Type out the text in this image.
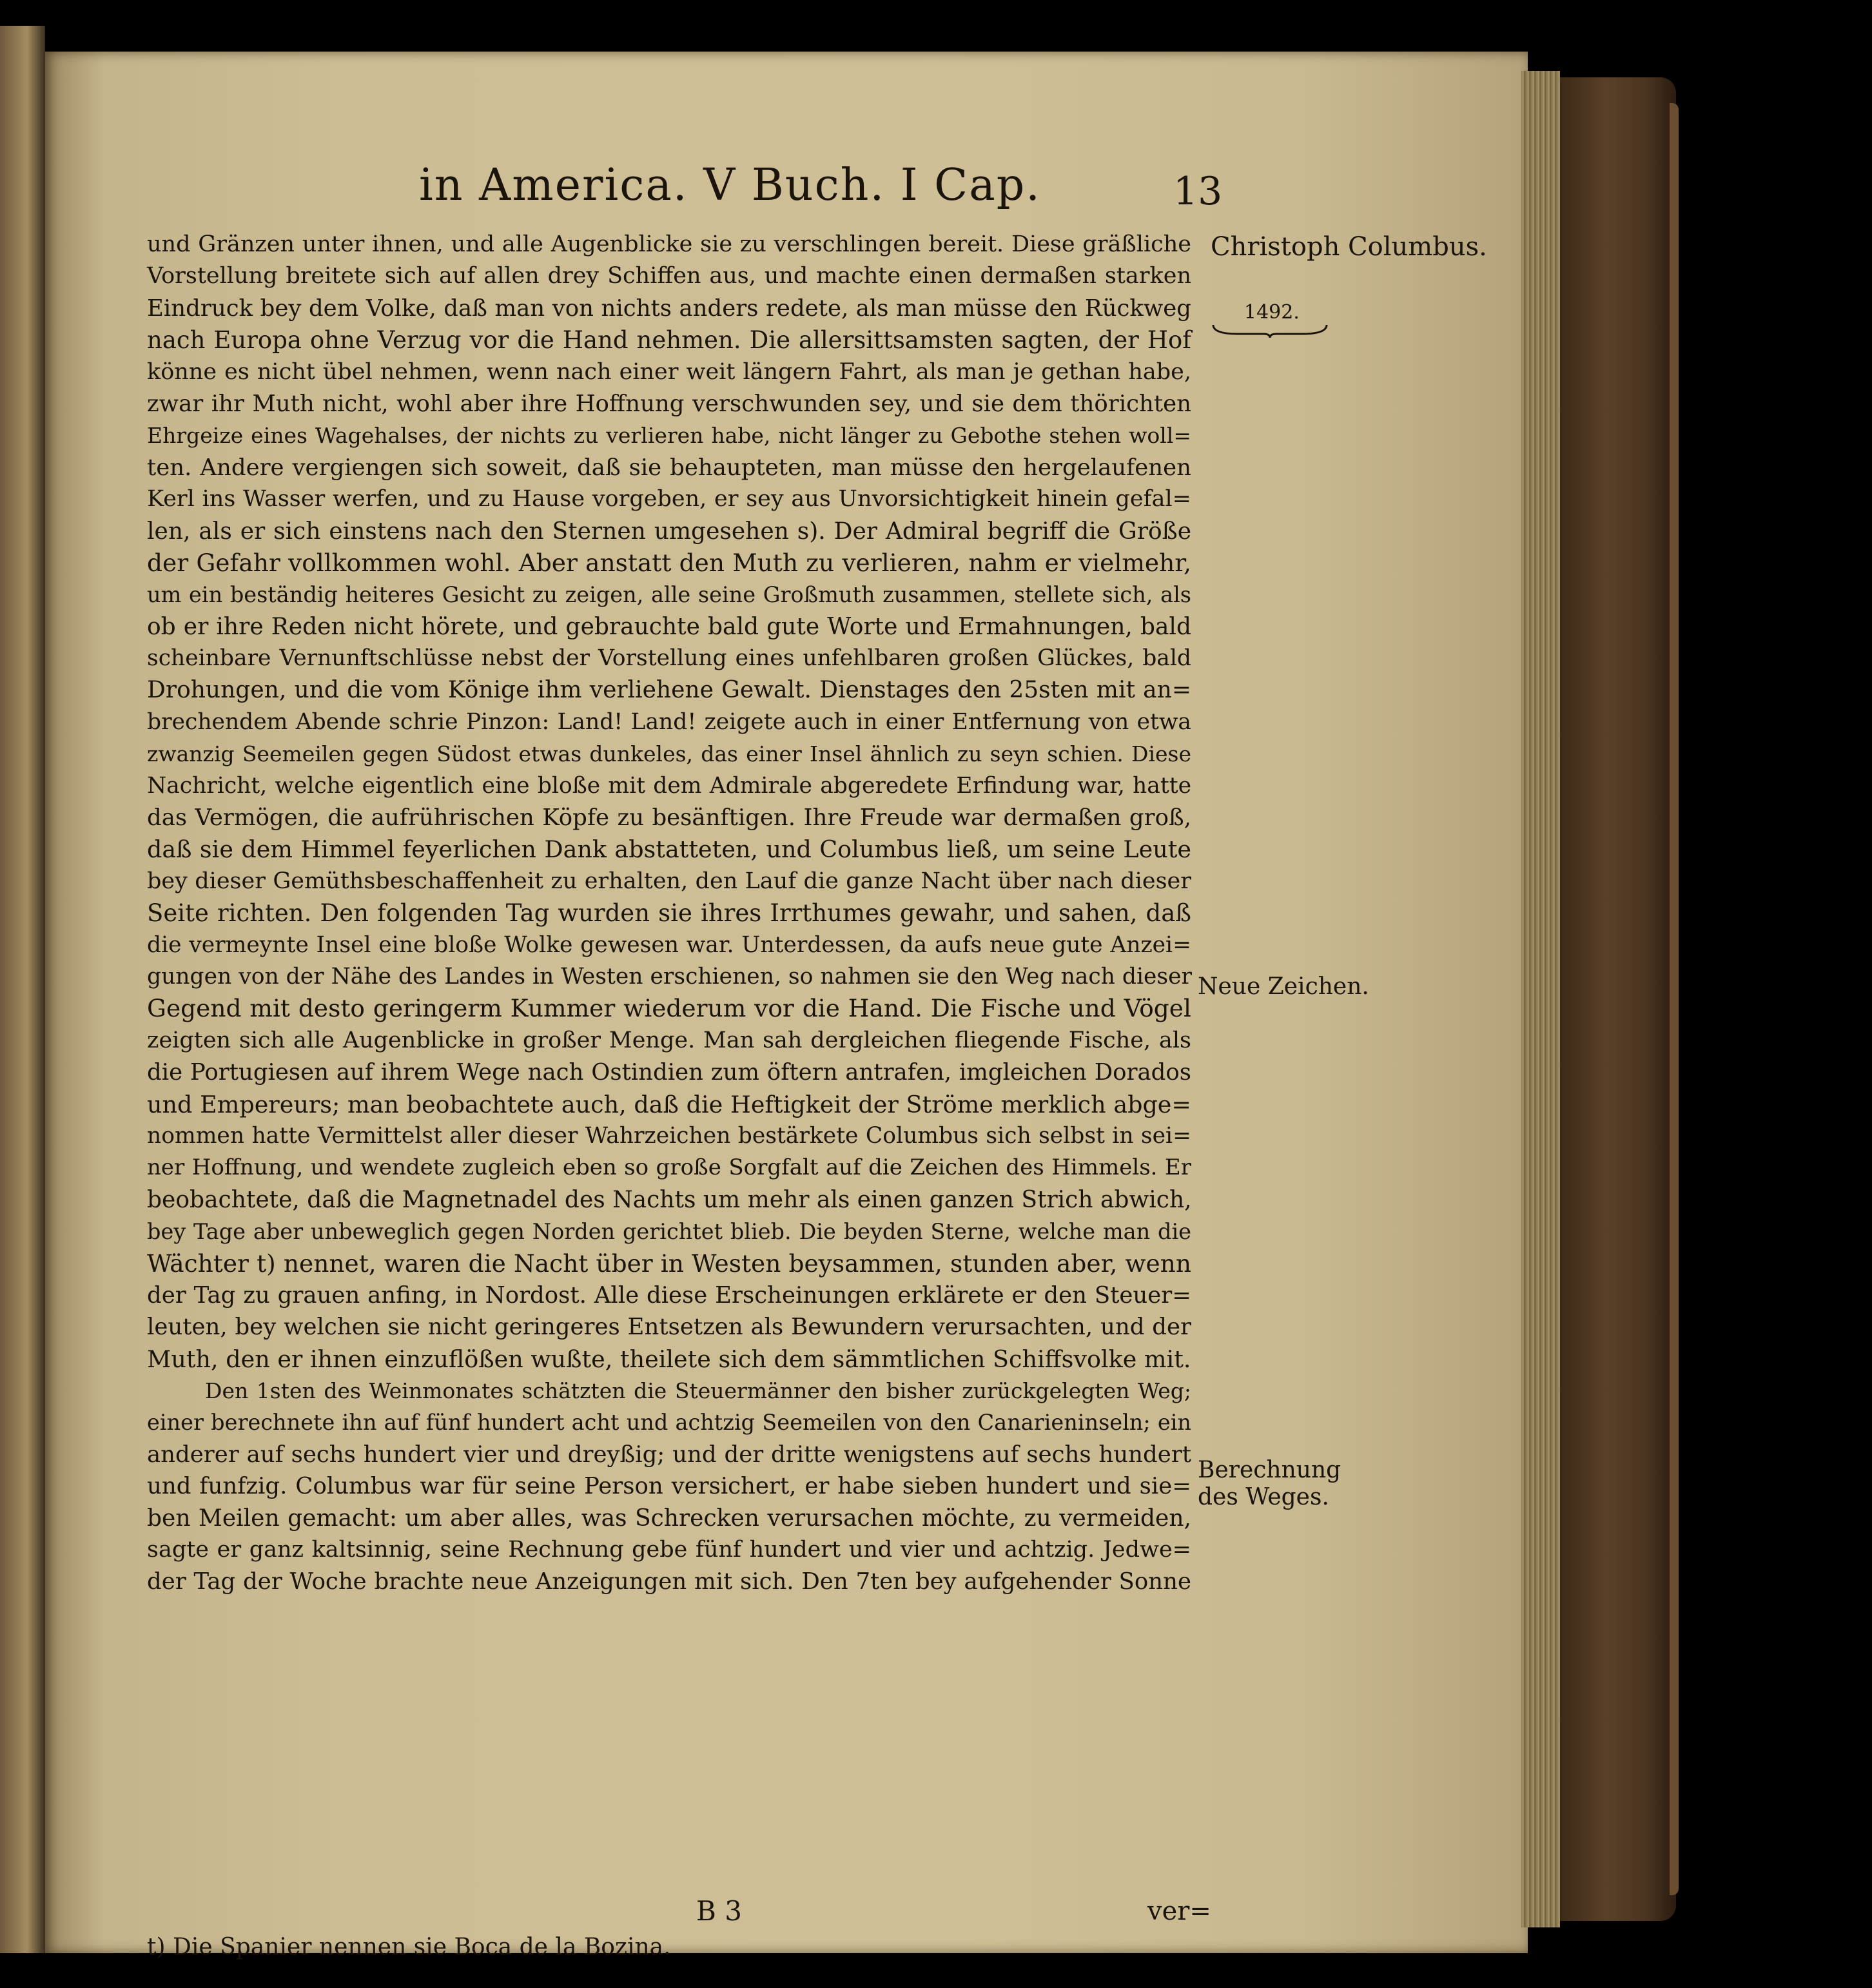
in America. V Buch. I Cap.	13
Christoph Columbus.
1492.
Neue Zeichen.
Berechnung
des Weges.
und Gränzen unter ihnen, und alle Augenblicke sie zu verschlingen bereit. Diese gräßliche
Vorstellung breitete sich auf allen drey Schiffen aus, und machte einen dermaßen starken
Eindruck bey dem Volke, daß man von nichts anders redete, als man müsse den Rückweg
nach Europa ohne Verzug vor die Hand nehmen. Die allersittsamsten sagten, der Hof
könne es nicht übel nehmen, wenn nach einer weit längern Fahrt, als man je gethan habe,
zwar ihr Muth nicht, wohl aber ihre Hoffnung verschwunden sey, und sie dem thörichten
Ehrgeize eines Wagehalses, der nichts zu verlieren habe, nicht länger zu Gebothe stehen woll=
ten. Andere vergiengen sich soweit, daß sie behaupteten, man müsse den hergelaufenen
Kerl ins Wasser werfen, und zu Hause vorgeben, er sey aus Unvorsichtigkeit hinein gefal=
len, als er sich einstens nach den Sternen umgesehen s). Der Admiral begriff die Größe
der Gefahr vollkommen wohl. Aber anstatt den Muth zu verlieren, nahm er vielmehr,
um ein beständig heiteres Gesicht zu zeigen, alle seine Großmuth zusammen, stellete sich, als
ob er ihre Reden nicht hörete, und gebrauchte bald gute Worte und Ermahnungen, bald
scheinbare Vernunftschlüsse nebst der Vorstellung eines unfehlbaren großen Glückes, bald
Drohungen, und die vom Könige ihm verliehene Gewalt. Dienstages den 25sten mit an=
brechendem Abende schrie Pinzon: Land! Land! zeigete auch in einer Entfernung von etwa
zwanzig Seemeilen gegen Südost etwas dunkeles, das einer Insel ähnlich zu seyn schien. Diese
Nachricht, welche eigentlich eine bloße mit dem Admirale abgeredete Erfindung war, hatte
das Vermögen, die aufrührischen Köpfe zu besänftigen. Ihre Freude war dermaßen groß,
daß sie dem Himmel feyerlichen Dank abstatteten, und Columbus ließ, um seine Leute
bey dieser Gemüthsbeschaffenheit zu erhalten, den Lauf die ganze Nacht über nach dieser
Seite richten. Den folgenden Tag wurden sie ihres Irrthumes gewahr, und sahen, daß
die vermeynte Insel eine bloße Wolke gewesen war. Unterdessen, da aufs neue gute Anzei=
gungen von der Nähe des Landes in Westen erschienen, so nahmen sie den Weg nach dieser
Gegend mit desto geringerm Kummer wiederum vor die Hand. Die Fische und Vögel
zeigten sich alle Augenblicke in großer Menge. Man sah dergleichen fliegende Fische, als
die Portugiesen auf ihrem Wege nach Ostindien zum öftern antrafen, imgleichen Dorados
und Empereurs; man beobachtete auch, daß die Heftigkeit der Ströme merklich abge=
nommen hatte Vermittelst aller dieser Wahrzeichen bestärkete Columbus sich selbst in sei=
ner Hoffnung, und wendete zugleich eben so große Sorgfalt auf die Zeichen des Himmels. Er
beobachtete, daß die Magnetnadel des Nachts um mehr als einen ganzen Strich abwich,
bey Tage aber unbeweglich gegen Norden gerichtet blieb. Die beyden Sterne, welche man die
Wächter t) nennet, waren die Nacht über in Westen beysammen, stunden aber, wenn
der Tag zu grauen anfing, in Nordost. Alle diese Erscheinungen erklärete er den Steuer=
leuten, bey welchen sie nicht geringeres Entsetzen als Bewundern verursachten, und der
Muth, den er ihnen einzuflößen wußte, theilete sich dem sämmtlichen Schiffsvolke mit.
Den 1sten des Weinmonates schätzten die Steuermänner den bisher zurückgelegten Weg;
einer berechnete ihn auf fünf hundert acht und achtzig Seemeilen von den Canarieninseln; ein
anderer auf sechs hundert vier und dreyßig; und der dritte wenigstens auf sechs hundert
und funfzig. Columbus war für seine Person versichert, er habe sieben hundert und sie=
ben Meilen gemacht: um aber alles, was Schrecken verursachen möchte, zu vermeiden,
sagte er ganz kaltsinnig, seine Rechnung gebe fünf hundert und vier und achtzig. Jedwe=
der Tag der Woche brachte neue Anzeigungen mit sich. Den 7ten bey aufgehender Sonne
B 3	ver=
t) Die Spanier nennen sie Boca de la Bozina.
